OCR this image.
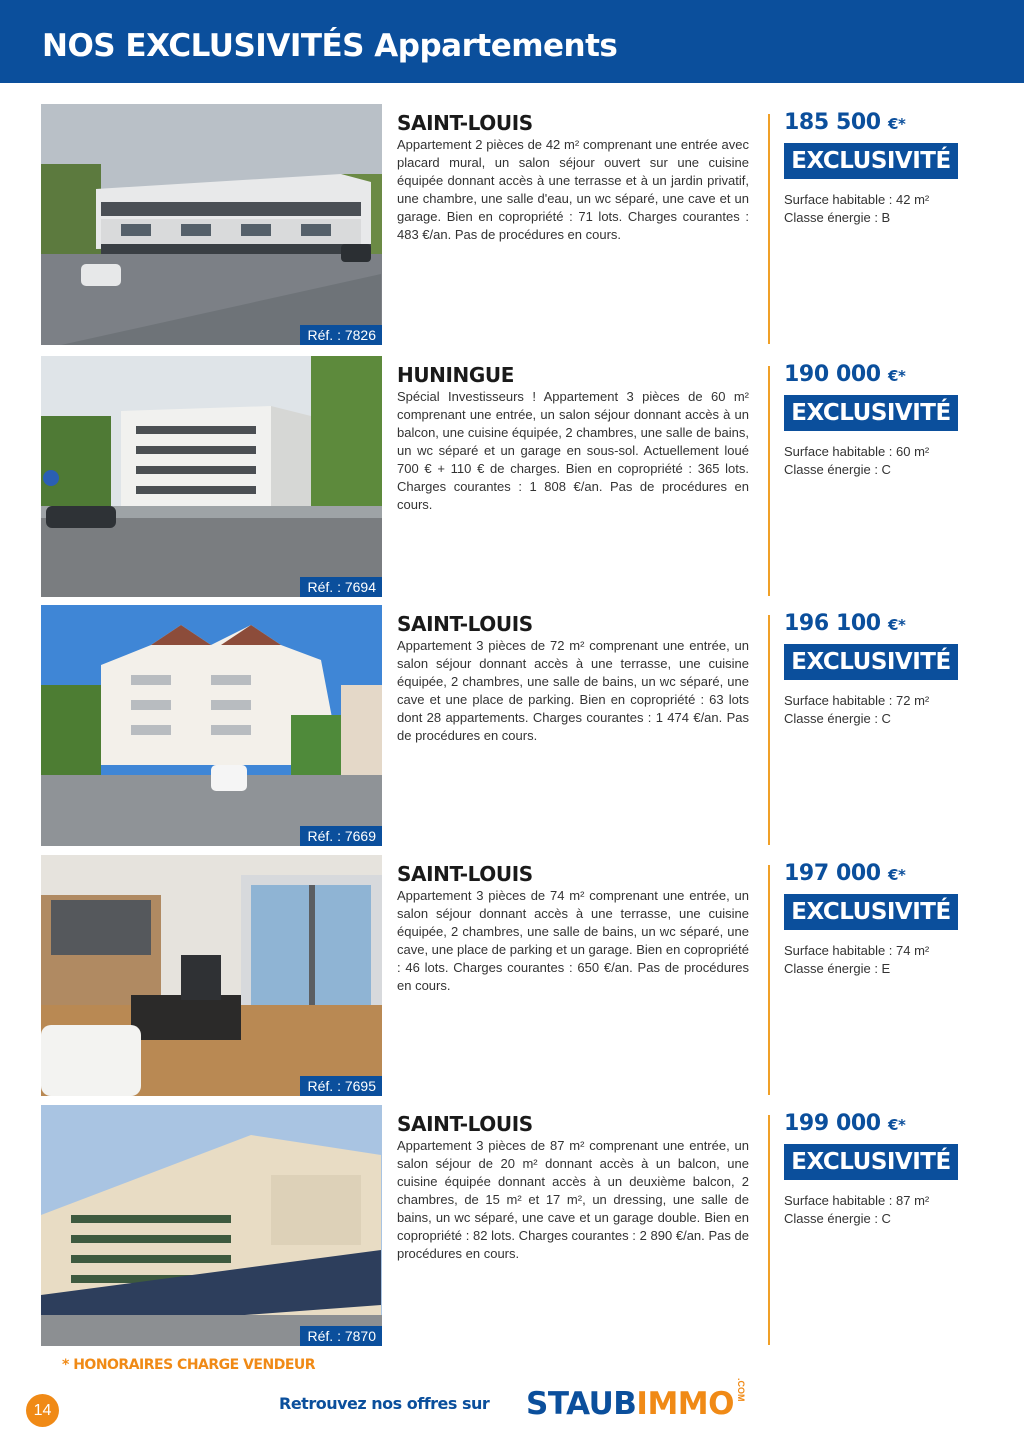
NOS EXCLUSIVITÉS Appartements
Réf. : 7826
SAINT-LOUIS
Appartement 2 pièces de 42 m² comprenant une entrée avec placard mural, un salon séjour ouvert sur une cuisine équipée donnant accès à une terrasse et à un jardin privatif, une chambre, une salle d'eau, un wc séparé, une cave et un garage. Bien en copropriété : 71 lots. Charges courantes : 483 €/an. Pas de procédures en cours.
185 500 €*
EXCLUSIVITÉ
Surface habitable : 42 m²
Classe énergie : B
Réf. : 7694
HUNINGUE
Spécial Investisseurs ! Appartement 3 pièces de 60 m² comprenant une entrée, un salon séjour donnant accès à un balcon, une cuisine équipée, 2 chambres, une salle de bains, un wc séparé et un garage en sous-sol. Actuellement loué 700 € + 110 € de charges. Bien en copropriété : 365 lots. Charges courantes : 1 808 €/an. Pas de procédures en cours.
190 000 €*
EXCLUSIVITÉ
Surface habitable : 60 m²
Classe énergie : C
Réf. : 7669
SAINT-LOUIS
Appartement 3 pièces de 72 m² comprenant une entrée, un salon séjour donnant accès à une terrasse, une cuisine équipée, 2 chambres, une salle de bains, un wc séparé, une cave et une place de parking. Bien en copropriété : 63 lots dont 28 appartements. Charges courantes : 1 474 €/an. Pas de procédures en cours.
196 100 €*
EXCLUSIVITÉ
Surface habitable : 72 m²
Classe énergie : C
Réf. : 7695
SAINT-LOUIS
Appartement 3 pièces de 74 m² comprenant une entrée, un salon séjour donnant accès à une terrasse, une cuisine équipée, 2 chambres, une salle de bains, un wc séparé, une cave, une place de parking et un garage. Bien en copropriété : 46 lots. Charges courantes : 650 €/an. Pas de procédures en cours.
197 000 €*
EXCLUSIVITÉ
Surface habitable : 74 m²
Classe énergie : E
Réf. : 7870
SAINT-LOUIS
Appartement 3 pièces de 87 m² comprenant une entrée, un salon séjour de 20 m² donnant accès à un balcon, une cuisine équipée donnant accès à un deuxième balcon, 2 chambres, de 15 m² et 17 m², un dressing, une salle de bains, un wc séparé, une cave et un garage double. Bien en copropriété : 82 lots. Charges courantes : 2 890 €/an. Pas de procédures en cours.
199 000 €*
EXCLUSIVITÉ
Surface habitable : 87 m²
Classe énergie : C
* HONORAIRES CHARGE VENDEUR
14	Retrouvez nos offres sur STAUBIMMO .COM
